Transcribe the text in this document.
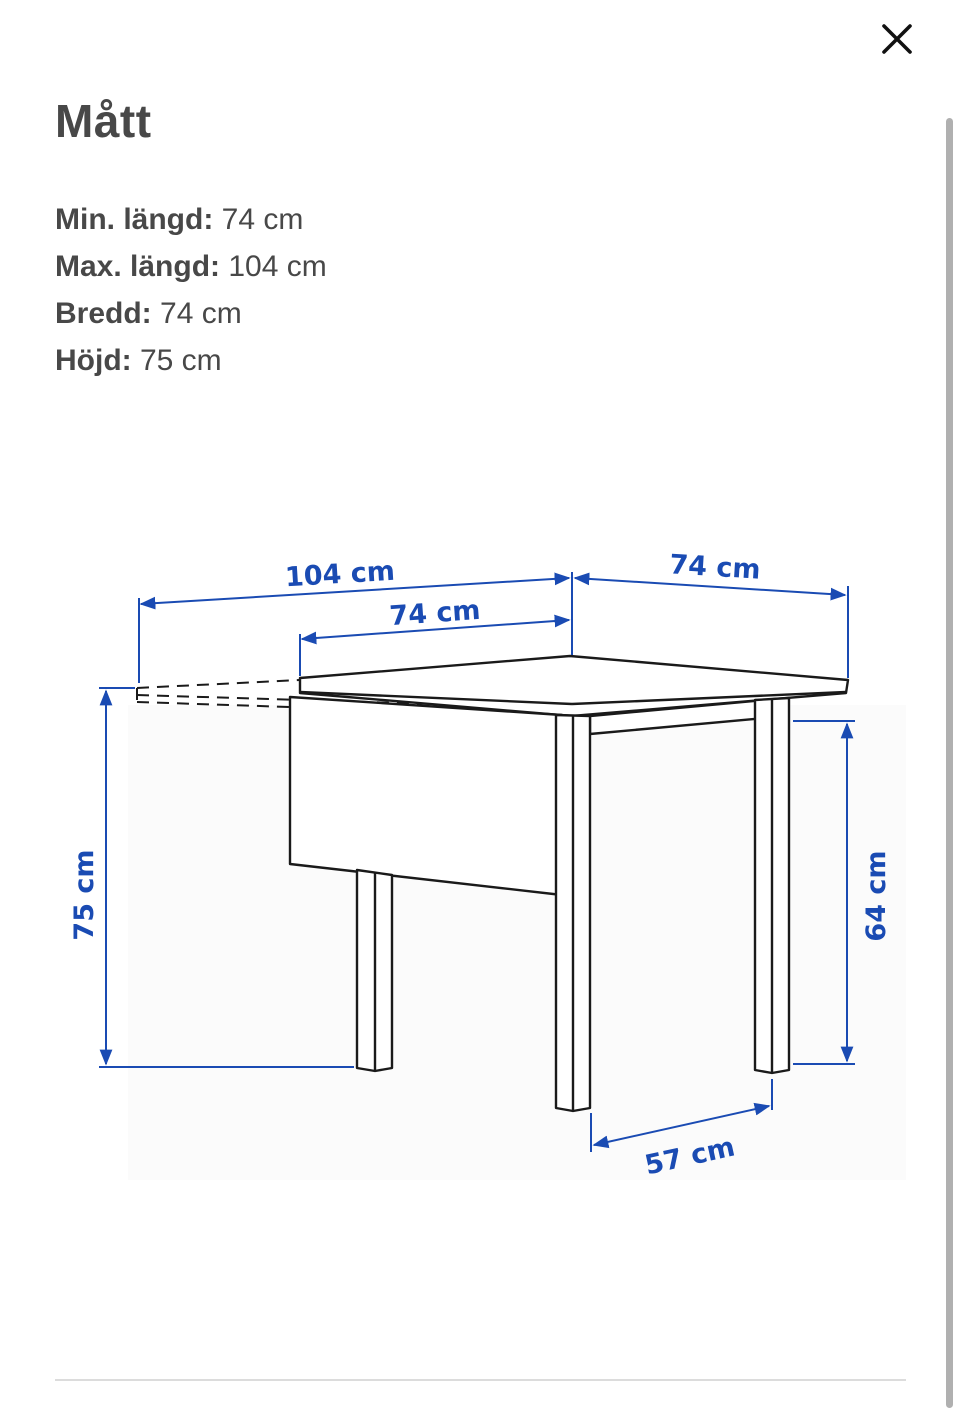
Mått
Min. längd: 74 cm
Max. längd: 104 cm
Bredd: 74 cm
Höjd: 75 cm
104 cm
74 cm
74 cm
75 cm	64 cm
57 cm
